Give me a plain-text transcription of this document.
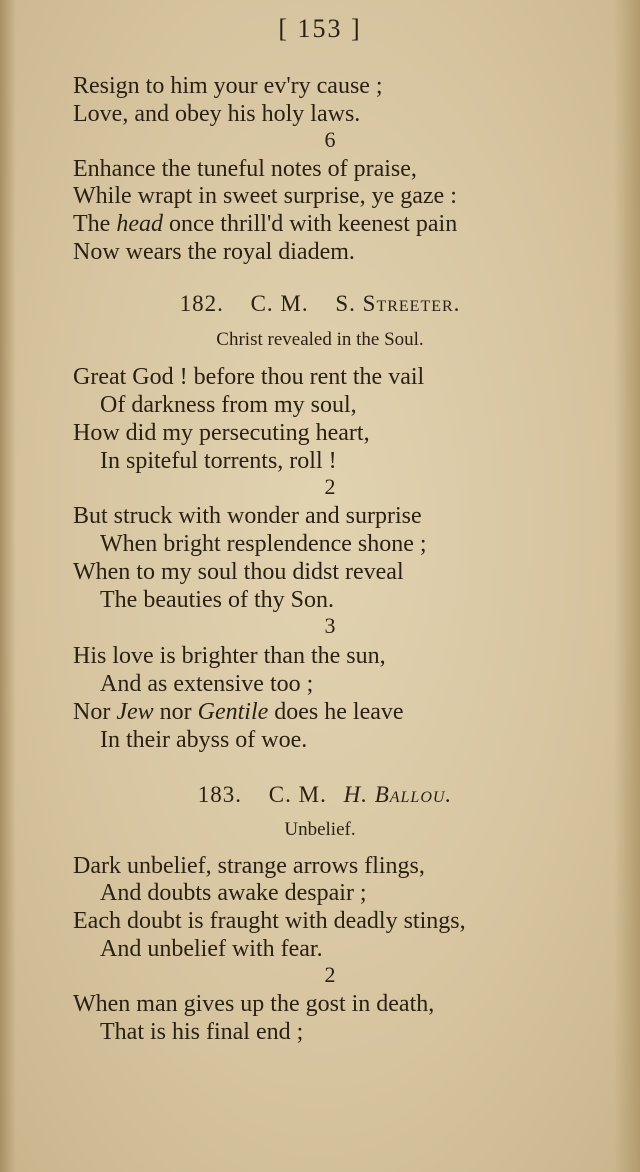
[ 153 ]
Resign to him your ev'ry cause ;
Love, and obey his holy laws.
6
Enhance the tuneful notes of praise,
While wrapt in sweet surprise, ye gaze :
The head once thrill'd with keenest pain
Now wears the royal diadem.
182. C. M. S. Streeter.
Christ revealed in the Soul.
Great God ! before thou rent the vail
Of darkness from my soul,
How did my persecuting heart,
In spiteful torrents, roll !
2
But struck with wonder and surprise
When bright resplendence shone ;
When to my soul thou didst reveal
The beauties of thy Son.
3
His love is brighter than the sun,
And as extensive too ;
Nor Jew nor Gentile does he leave
In their abyss of woe.
183. C. M. H. Ballou.
Unbelief.
Dark unbelief, strange arrows flings,
And doubts awake despair ;
Each doubt is fraught with deadly stings,
And unbelief with fear.
2
When man gives up the gost in death,
That is his final end ;
